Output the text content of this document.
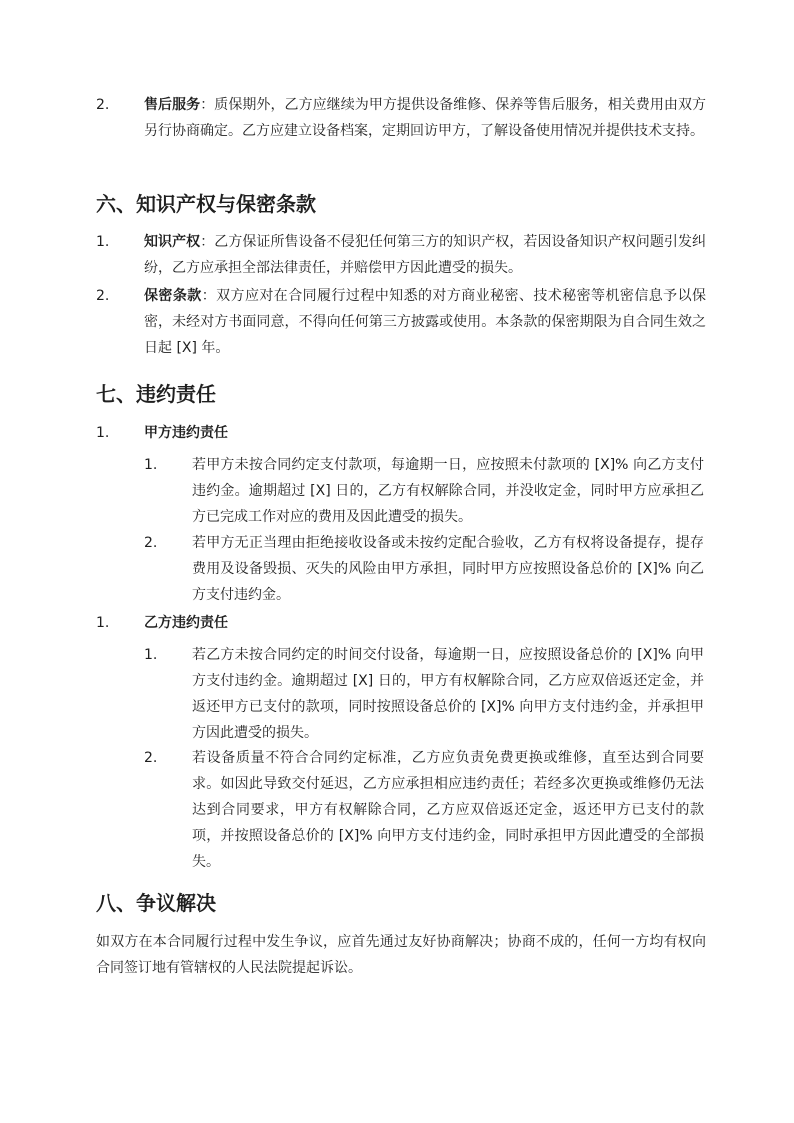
2.	售后服务：质保期外，乙方应继续为甲方提供设备维修、保养等售后服务，相关费用由双方另行协商确定。乙方应建立设备档案，定期回访甲方，了解设备使用情况并提供技术支持。
六、知识产权与保密条款
1.	知识产权：乙方保证所售设备不侵犯任何第三方的知识产权，若因设备知识产权问题引发纠纷，乙方应承担全部法律责任，并赔偿甲方因此遭受的损失。
2.	保密条款：双方应对在合同履行过程中知悉的对方商业秘密、技术秘密等机密信息予以保密，未经对方书面同意，不得向任何第三方披露或使用。本条款的保密期限为自合同生效之日起 [X] 年。
七、违约责任
1.	甲方违约责任
1.	若甲方未按合同约定支付款项，每逾期一日，应按照未付款项的 [X]% 向乙方支付违约金。逾期超过 [X] 日的，乙方有权解除合同，并没收定金，同时甲方应承担乙方已完成工作对应的费用及因此遭受的损失。
2.	若甲方无正当理由拒绝接收设备或未按约定配合验收，乙方有权将设备提存，提存费用及设备毁损、灭失的风险由甲方承担，同时甲方应按照设备总价的 [X]% 向乙方支付违约金。
1.	乙方违约责任
1.	若乙方未按合同约定的时间交付设备，每逾期一日，应按照设备总价的 [X]% 向甲方支付违约金。逾期超过 [X] 日的，甲方有权解除合同，乙方应双倍返还定金，并返还甲方已支付的款项，同时按照设备总价的 [X]% 向甲方支付违约金，并承担甲方因此遭受的损失。
2.	若设备质量不符合合同约定标准，乙方应负责免费更换或维修，直至达到合同要求。如因此导致交付延迟，乙方应承担相应违约责任；若经多次更换或维修仍无法达到合同要求，甲方有权解除合同，乙方应双倍返还定金，返还甲方已支付的款项，并按照设备总价的 [X]% 向甲方支付违约金，同时承担甲方因此遭受的全部损失。
八、争议解决
如双方在本合同履行过程中发生争议，应首先通过友好协商解决；协商不成的，任何一方均有权向合同签订地有管辖权的人民法院提起诉讼。
